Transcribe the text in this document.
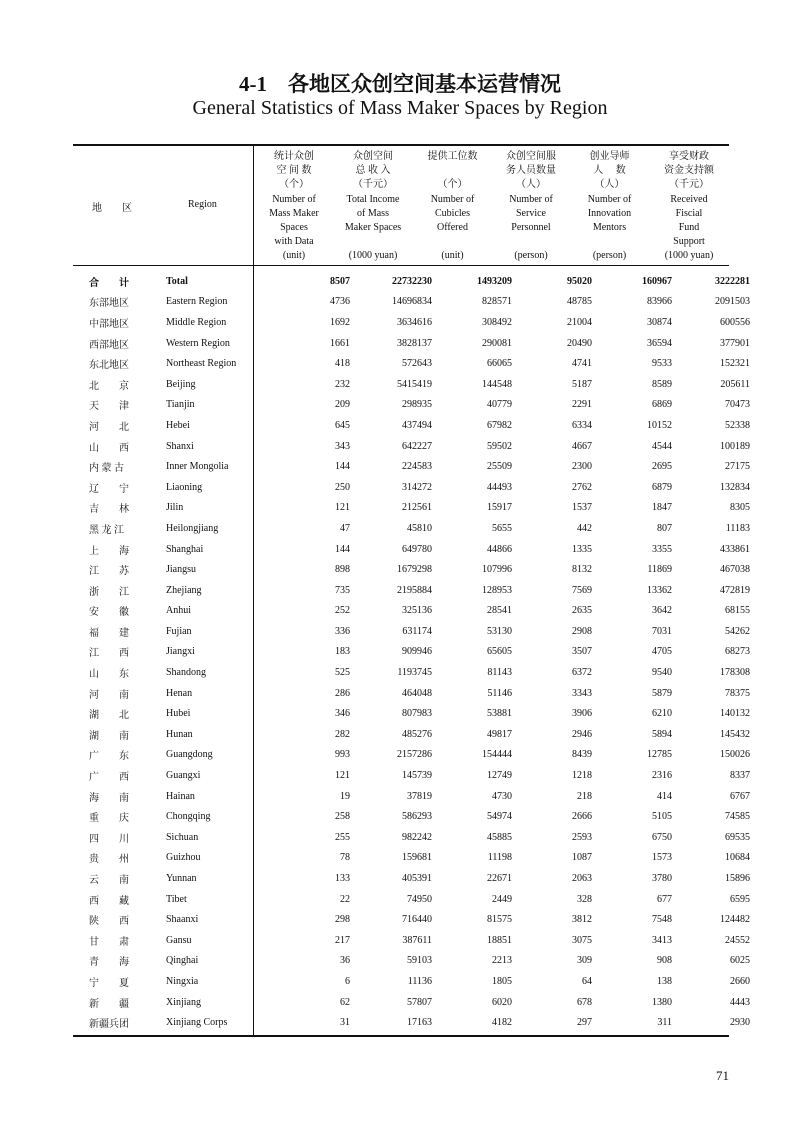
4-1　各地区众创空间基本运营情况
General Statistics of Mass Maker Spaces by Region
地　　区	Region
统计众创
空 间 数
（个）
Number of
Mass Maker
Spaces
with Data
(unit)
众创空间
总 收 入
（千元）
Total Income
of Mass
Maker Spaces

(1000 yuan)
提供工位数

（个）
Number of
Cubicles
Offered

(unit)
众创空间服
务人员数量
（人）
Number of
Service
Personnel

(person)
创业导师
人　 数
（人）
Number of
Innovation
Mentors

(person)
享受财政
资金支持额
（千元）
Received
Fiscial
Fund
Support
(1000 yuan)
合　　计	Total	8507	22732230	1493209	95020	160967	3222281
东部地区	Eastern Region	4736	14696834	828571	48785	83966	2091503
中部地区	Middle Region	1692	3634616	308492	21004	30874	600556
西部地区	Western Region	1661	3828137	290081	20490	36594	377901
东北地区	Northeast Region	418	572643	66065	4741	9533	152321
北　　京	Beijing	232	5415419	144548	5187	8589	205611
天　　津	Tianjin	209	298935	40779	2291	6869	70473
河　　北	Hebei	645	437494	67982	6334	10152	52338
山　　西	Shanxi	343	642227	59502	4667	4544	100189
内 蒙 古	Inner Mongolia	144	224583	25509	2300	2695	27175
辽　　宁	Liaoning	250	314272	44493	2762	6879	132834
吉　　林	Jilin	121	212561	15917	1537	1847	8305
黑 龙 江	Heilongjiang	47	45810	5655	442	807	11183
上　　海	Shanghai	144	649780	44866	1335	3355	433861
江　　苏	Jiangsu	898	1679298	107996	8132	11869	467038
浙　　江	Zhejiang	735	2195884	128953	7569	13362	472819
安　　徽	Anhui	252	325136	28541	2635	3642	68155
福　　建	Fujian	336	631174	53130	2908	7031	54262
江　　西	Jiangxi	183	909946	65605	3507	4705	68273
山　　东	Shandong	525	1193745	81143	6372	9540	178308
河　　南	Henan	286	464048	51146	3343	5879	78375
湖　　北	Hubei	346	807983	53881	3906	6210	140132
湖　　南	Hunan	282	485276	49817	2946	5894	145432
广　　东	Guangdong	993	2157286	154444	8439	12785	150026
广　　西	Guangxi	121	145739	12749	1218	2316	8337
海　　南	Hainan	19	37819	4730	218	414	6767
重　　庆	Chongqing	258	586293	54974	2666	5105	74585
四　　川	Sichuan	255	982242	45885	2593	6750	69535
贵　　州	Guizhou	78	159681	11198	1087	1573	10684
云　　南	Yunnan	133	405391	22671	2063	3780	15896
西　　藏	Tibet	22	74950	2449	328	677	6595
陕　　西	Shaanxi	298	716440	81575	3812	7548	124482
甘　　肃	Gansu	217	387611	18851	3075	3413	24552
青　　海	Qinghai	36	59103	2213	309	908	6025
宁　　夏	Ningxia	6	11136	1805	64	138	2660
新　　疆	Xinjiang	62	57807	6020	678	1380	4443
新疆兵团	Xinjiang Corps	31	17163	4182	297	311	2930
71
